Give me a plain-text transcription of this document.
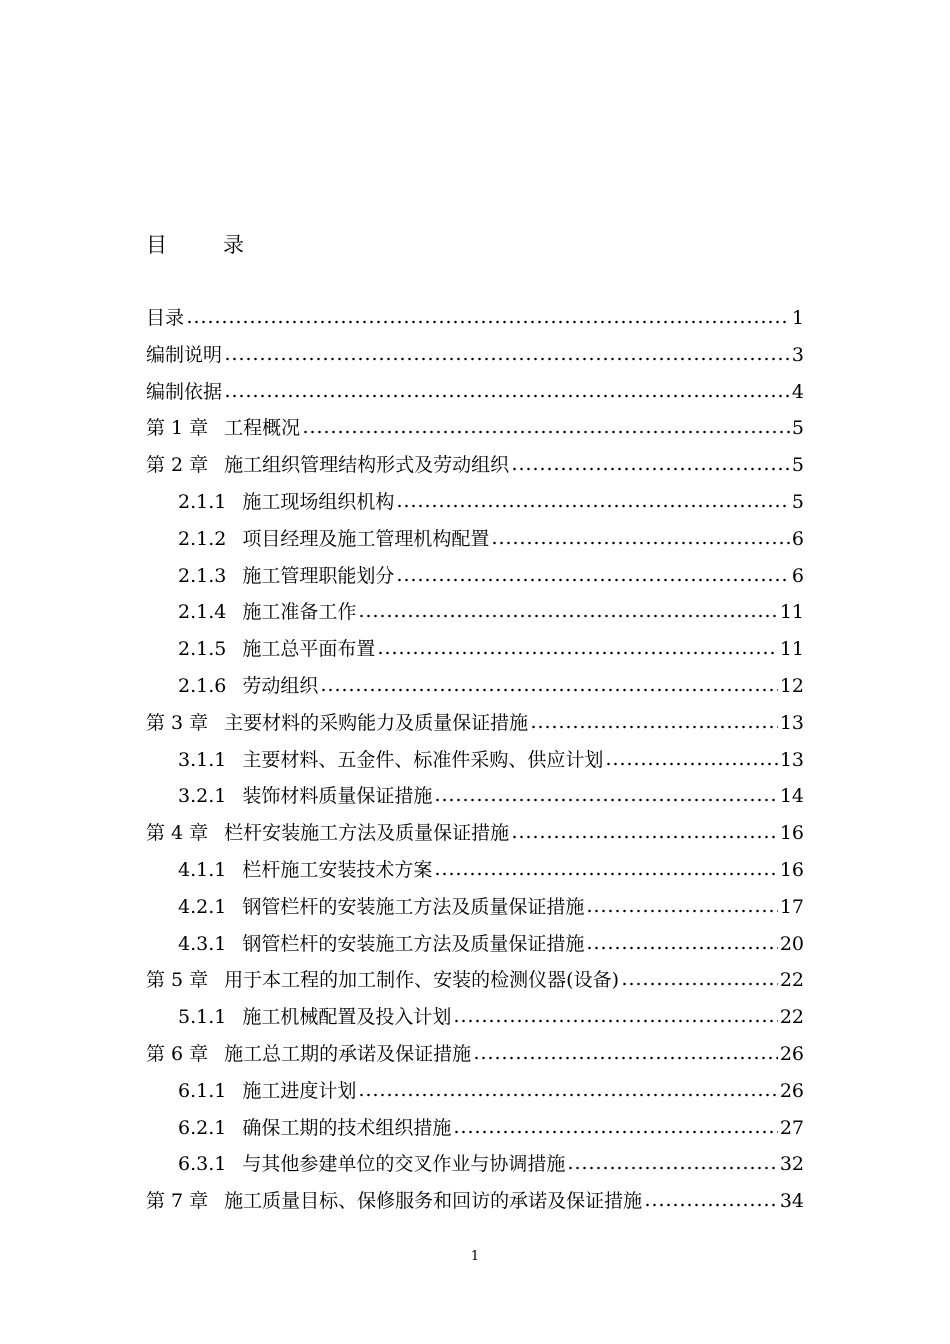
目	录
目录	1
编制说明	3
编制依据	4
第 1 章 工程概况	5
第 2 章 施工组织管理结构形式及劳动组织	5
2.1.1 施工现场组织机构	5
2.1.2 项目经理及施工管理机构配置	6
2.1.3 施工管理职能划分	6
2.1.4 施工准备工作	11
2.1.5 施工总平面布置	11
2.1.6 劳动组织	12
第 3 章 主要材料的采购能力及质量保证措施	13
3.1.1 主要材料、五金件、标准件采购、供应计划	13
3.2.1 装饰材料质量保证措施	14
第 4 章 栏杆安装施工方法及质量保证措施	16
4.1.1 栏杆施工安装技术方案	16
4.2.1 钢管栏杆的安装施工方法及质量保证措施	17
4.3.1 钢管栏杆的安装施工方法及质量保证措施	20
第 5 章 用于本工程的加工制作、安装的检测仪器(设备)	22
5.1.1 施工机械配置及投入计划	22
第 6 章 施工总工期的承诺及保证措施	26
6.1.1 施工进度计划	26
6.2.1 确保工期的技术组织措施	27
6.3.1 与其他参建单位的交叉作业与协调措施	32
第 7 章 施工质量目标、保修服务和回访的承诺及保证措施	34
1
